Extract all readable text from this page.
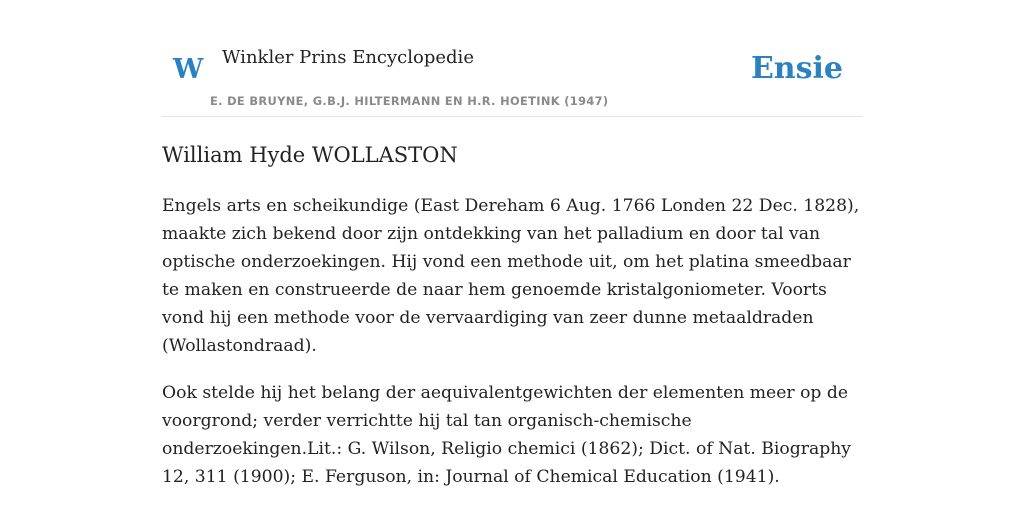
W Winkler Prins Encyclopedie
E. DE BRUYNE, G.B.J. HILTERMANN EN H.R. HOETINK (1947)
Ensie
William Hyde WOLLASTON

Engels arts en scheikundige (East Dereham 6 Aug. 1766 Londen 22 Dec. 1828), maakte zich bekend door zijn ontdekking van het palladium en door tal van optische onderzoekingen. Hij vond een methode uit, om het platina smeedbaar te maken en construeerde de naar hem genoemde kristalgoniometer. Voorts vond hij een methode voor de vervaardiging van zeer dunne metaaldraden (Wollastondraad).

Ook stelde hij het belang der aequivalentgewichten der elementen meer op de voorgrond; verder verrichtte hij tal tan organisch-chemische onderzoekingen.Lit.: G. Wilson, Religio chemici (1862); Dict. of Nat. Biography 12, 311 (1900); E. Ferguson, in: Journal of Chemical Education (1941).
